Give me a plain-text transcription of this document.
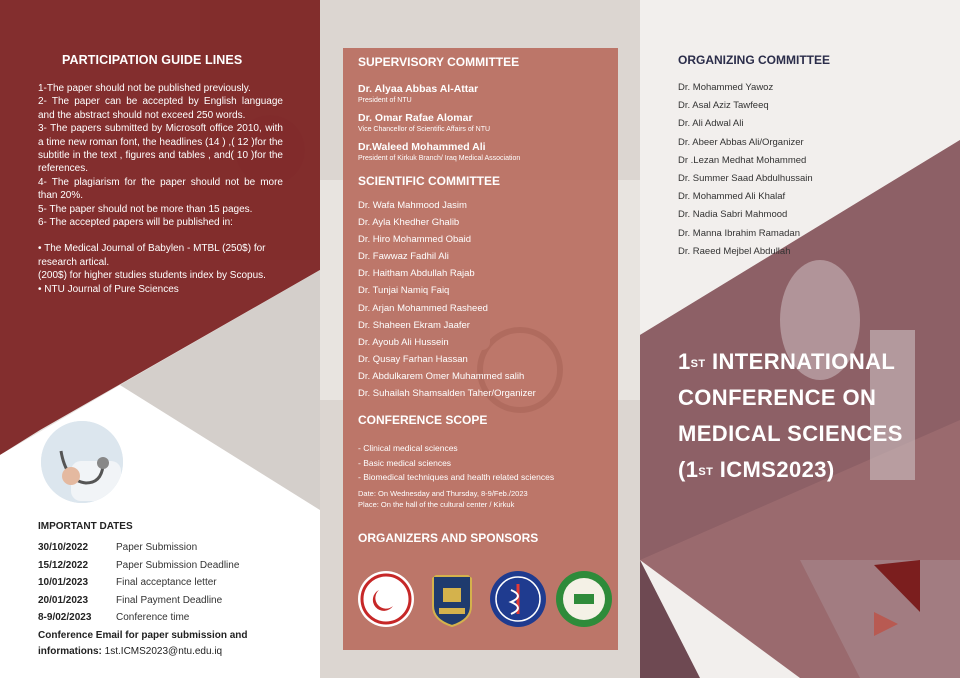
PARTICIPATION GUIDE LINES

1-The paper should not be published previously.

2- The paper can be accepted by English language and the abstract should not exceed 250 words.

3- The papers submitted by Microsoft office 2010, with a time new roman font, the headlines (14 ) ,( 12 )for the subtitle in the text , figures and tables , and( 10 )for the references.

4- The plagiarism for the paper should not be more than 20%.

5- The paper should not be more than 15 pages.

6- The accepted papers will be published in:

• The Medical Journal of Babylen - MTBL (250$) for research artical.

(200$) for higher studies students index by Scopus.

• NTU Journal of Pure Sciences

IMPORTANT DATES
30/10/2022	Paper Submission
15/12/2022	Paper Submission Deadline
10/01/2023	Final acceptance letter
20/01/2023	Final Payment Deadline
8-9/02/2023	Conference time
Conference Email for paper submission and informations: 1st.ICMS2023@ntu.edu.iq
SUPERVISORY COMMITTEE
Dr. Alyaa Abbas Al-Attar
President of NTU
Dr. Omar Rafae Alomar
Vice Chancellor of Scientific Affairs of NTU
Dr.Waleed Mohammed Ali
President of Kirkuk Branch/ Iraq Medical Association
SCIENTIFIC COMMITTEE
Dr. Wafa Mahmood Jasim
Dr. Ayla Khedher Ghalib
Dr. Hiro Mohammed Obaid
Dr. Fawwaz Fadhil Ali
Dr. Haitham Abdullah Rajab
Dr. Tunjai Namiq Faiq
Dr. Arjan Mohammed Rasheed
Dr. Shaheen Ekram Jaafer
Dr. Ayoub Ali Hussein
Dr. Qusay Farhan Hassan
Dr. Abdulkarem Omer Muhammed salih
Dr. Suhailah Shamsalden Taher/Organizer
CONFERENCE SCOPE
- Clinical medical sciences
- Basic medical sciences
- Biomedical techniques and health related sciences
Date: On Wednesday and Thursday, 8-9/Feb./2023
Place: On the hall of the cultural center / Kirkuk
ORGANIZERS AND SPONSORS
ORGANIZING COMMITTEE
Dr. Mohammed Yawoz
Dr. Asal Aziz Tawfeeq
Dr. Ali Adwal Ali
Dr. Abeer Abbas Ali/Organizer
Dr .Lezan Medhat Mohammed
Dr. Summer Saad Abdulhussain
Dr. Mohammed Ali Khalaf
Dr. Nadia Sabri Mahmood
Dr. Manna Ibrahim Ramadan
Dr. Raeed Mejbel Abdullah
1ST INTERNATIONAL
CONFERENCE ON
MEDICAL SCIENCES
(1ST ICMS2023)
